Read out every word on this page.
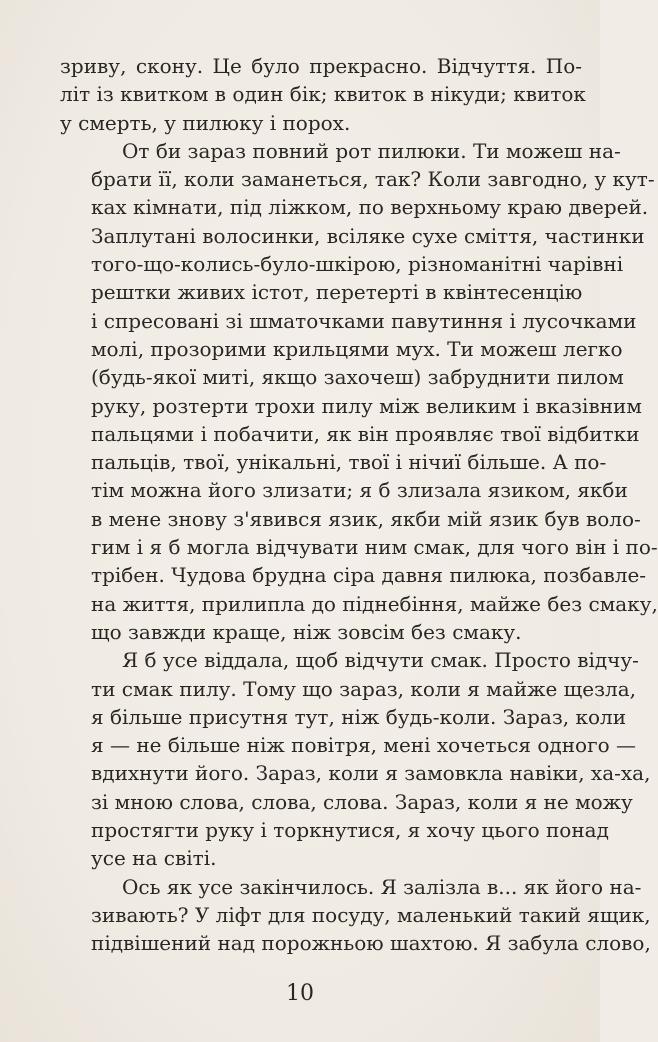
зриву, скону. Це було прекрасно. Відчуття. По-
літ із квитком в один бік; квиток в нікуди; квиток
у смерть, у пилюку і порох.

От би зараз повний рот пилюки. Ти можеш на-
брати її, коли заманеться, так? Коли завгодно, у кут-
ках кімнати, під ліжком, по верхньому краю дверей.
Заплутані волосинки, всіляке сухе сміття, частинки
того-що-колись-було-шкірою, різноманітні чарівні
рештки живих істот, перетерті в квінтесенцію
і спресовані зі шматочками павутиння і лусочками
молі, прозорими крильцями мух. Ти можеш легко
(будь-якої миті, якщо захочеш) забруднити пилом
руку, розтерти трохи пилу між великим і вказівним
пальцями і побачити, як він проявляє твої відбитки
пальців, твої, унікальні, твої і нічиї більше. А по-
тім можна його злизати; я б злизала язиком, якби
в мене знову з'явився язик, якби мій язик був воло-
гим і я б могла відчувати ним смак, для чого він і по-
трібен. Чудова брудна сіра давня пилюка, позбавле-
на життя, прилипла до піднебіння, майже без смаку,
що завжди краще, ніж зовсім без смаку.

Я б усе віддала, щоб відчути смак. Просто відчу-
ти смак пилу. Тому що зараз, коли я майже щезла,
я більше присутня тут, ніж будь-коли. Зараз, коли
я — не більше ніж повітря, мені хочеться одного —
вдихнути його. Зараз, коли я замовкла навіки, ха-ха,
зі мною слова, слова, слова. Зараз, коли я не можу
простягти руку і торкнутися, я хочу цього понад
усе на світі.

Ось як усе закінчилось. Я залізла в... як його на-
зивають? У ліфт для посуду, маленький такий ящик,
підвішений над порожньою шахтою. Я забула слово,

10
